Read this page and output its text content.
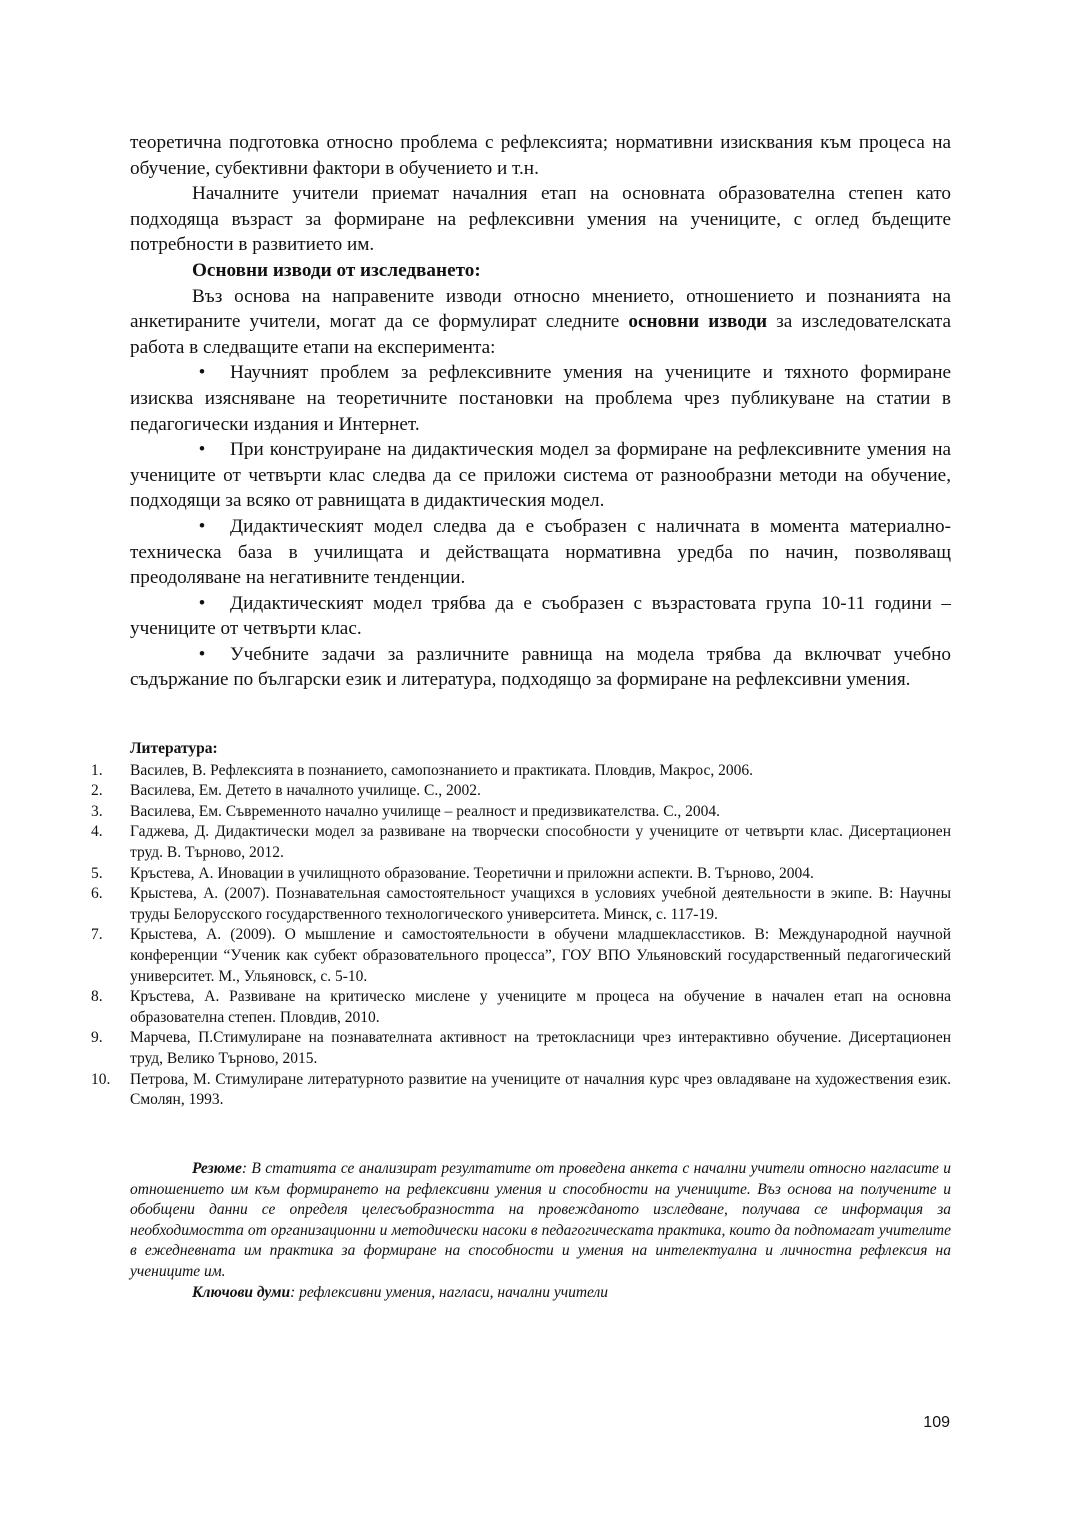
теоретична подготовка относно проблема с рефлексията; нормативни изисквания към процеса на обучение, субективни фактори в обучението и т.н.

Началните учители приемат началния етап на основната образователна степен като подходяща възраст за формиране на рефлексивни умения на учениците, с оглед бъдещите потребности в развитието им.

Основни изводи от изследването:

Въз основа на направените изводи относно мнението, отношението и познанията на анкетираните учители, могат да се формулират следните основни изводи за изследователската работа в следващите етапи на експеримента:

•	Научният проблем за рефлексивните умения на учениците и тяхното формиране изисква изясняване на теоретичните постановки на проблема чрез публикуване на статии в педагогически издания и Интернет.

•	При конструиране на дидактическия модел за формиране на рефлексивните умения на учениците от четвърти клас следва да се приложи система от разнообразни методи на обучение, подходящи за всяко от равнищата в дидактическия модел.

•	Дидактическият модел следва да е съобразен с наличната в момента материално-техническа база в училищата и действащата нормативна уредба по начин, позволяващ преодоляване на негативните тенденции.

•	Дидактическият модел трябва да е съобразен с възрастовата група 10-11 години – учениците от четвърти клас.

•	Учебните задачи за различните равнища на модела трябва да включват учебно съдържание по български език и литература, подходящо за формиране на рефлексивни умения.

Литература:

1.	Василев, В. Рефлексията в познанието, самопознанието и практиката. Пловдив, Макрос, 2006.
2.	Василева, Ем. Детето в началното училище. С., 2002.
3.	Василева, Ем. Съвременното начално училище – реалност и предизвикателства. С., 2004.
4.	Гаджева, Д. Дидактически модел за развиване на творчески способности у учениците от четвърти клас. Дисертационен труд. В. Търново, 2012.
5.	Кръстева, А. Иновации в училищното образование. Теоретични и приложни аспекти. В. Търново, 2004.
6.	Крыстева, А. (2007). Познавательная самостоятельност учащихся в условиях учебной деятельности в экипе. В: Научны труды Белорусского государственного технологического университета. Минск, с. 117-19.
7.	Крыстева, А. (2009). О мышление и самостоятельности в обучени младшекласстиков. В: Международной научной конференции “Ученик как субект образовательного процесса”, ГОУ ВПО Ульяновский государственный педагогический университет. М., Ульяновск, с. 5-10.
8.	Кръстева, А. Развиване на критическо мислене у учениците м процеса на обучение в начален етап на основна образователна степен. Пловдив, 2010.
9.	Марчева, П.Стимулиране на познавателната активност на третокласници чрез интерактивно обучение. Дисертационен труд, Велико Търново, 2015.
10.	Петрова, М. Стимулиране литературното развитие на учениците от началния курс чрез овладяване на художествения език. Смолян, 1993.

Резюме: В статията се анализират резултатите от проведена анкета с начални учители относно нагласите и отношението им към формирането на рефлексивни умения и способности на учениците. Въз основа на получените и обобщени данни се определя целесъобразността на провежданото изследване, получава се информация за необходимостта от организационни и методически насоки в педагогическата практика, които да подпомагат учителите в ежедневната им практика за формиране на способности и умения на интелектуална и личностна рефлексия на учениците им.

Ключови думи: рефлексивни умения, нагласи, начални учители

109
